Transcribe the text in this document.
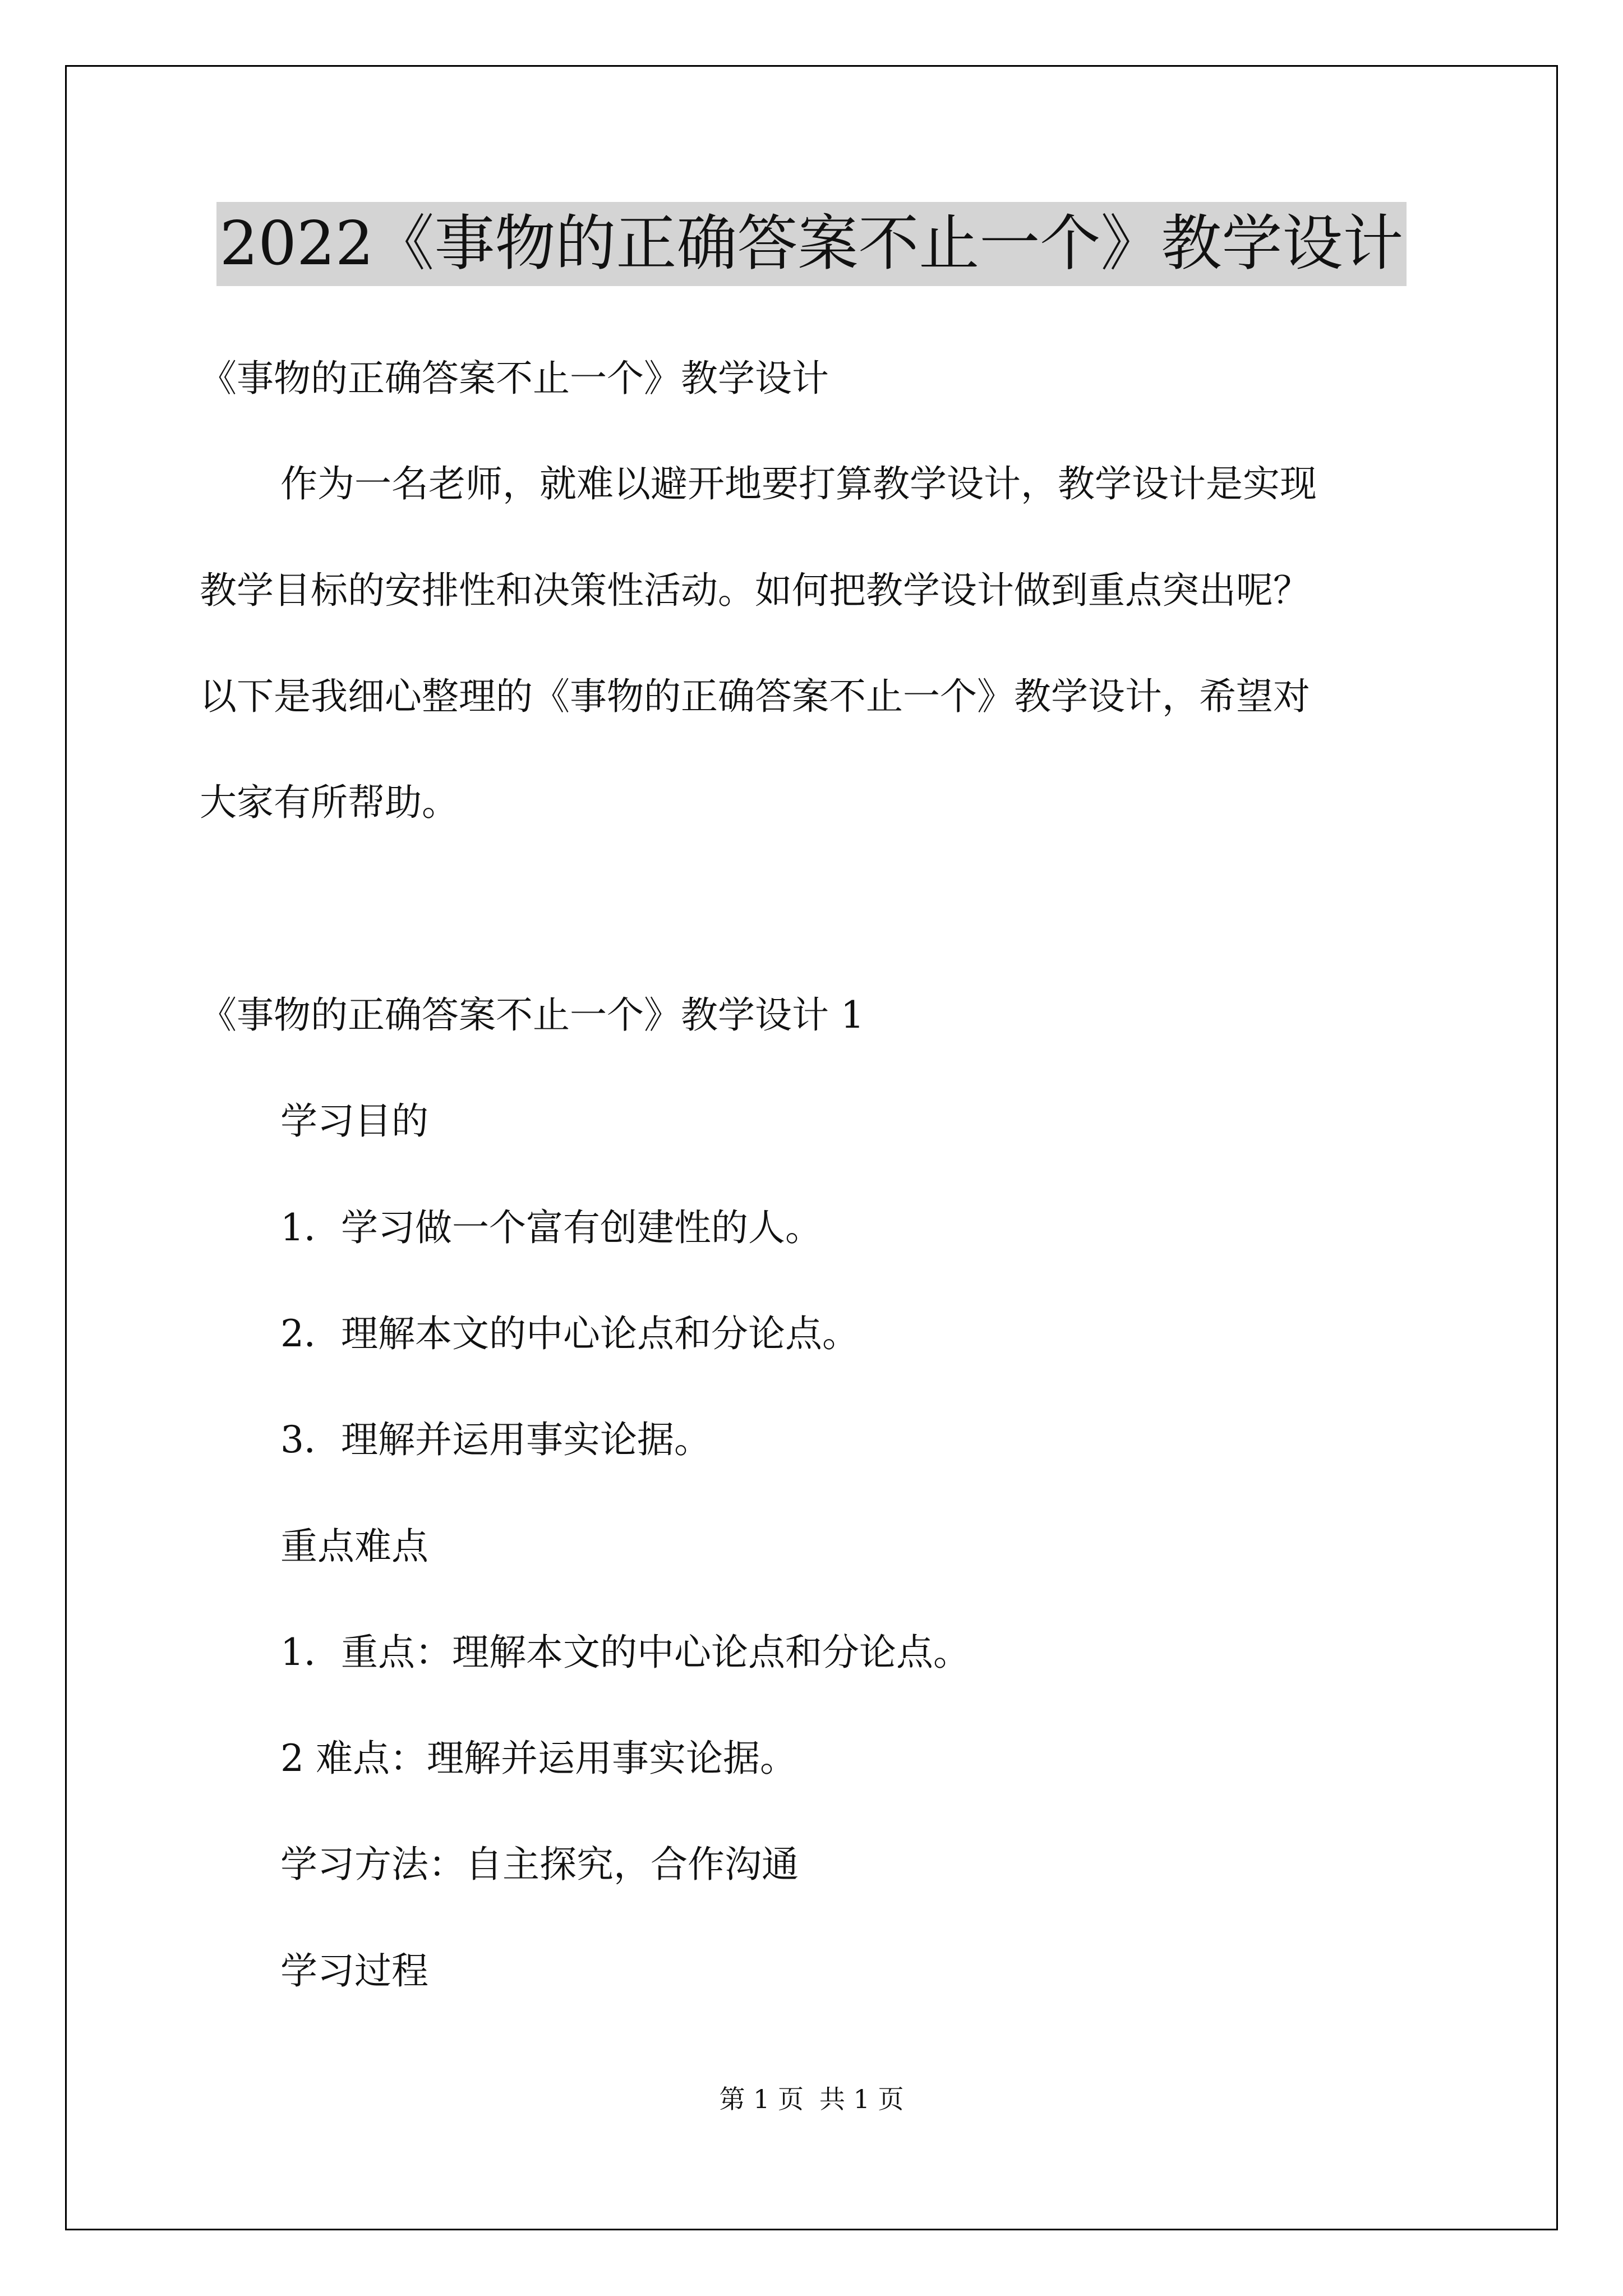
2022《事物的正确答案不止一个》教学设计
《事物的正确答案不止一个》教学设计
作为一名老师，就难以避开地要打算教学设计，教学设计是实现
教学目标的安排性和决策性活动。如何把教学设计做到重点突出呢？
以下是我细心整理的《事物的正确答案不止一个》教学设计，希望对
大家有所帮助。
《事物的正确答案不止一个》教学设计 1
学习目的
1．学习做一个富有创建性的人。
2．理解本文的中心论点和分论点。
3．理解并运用事实论据。
重点难点
1．重点：理解本文的中心论点和分论点。
2 难点：理解并运用事实论据。
学习方法：自主探究，合作沟通
学习过程
第 1 页 共 1 页
